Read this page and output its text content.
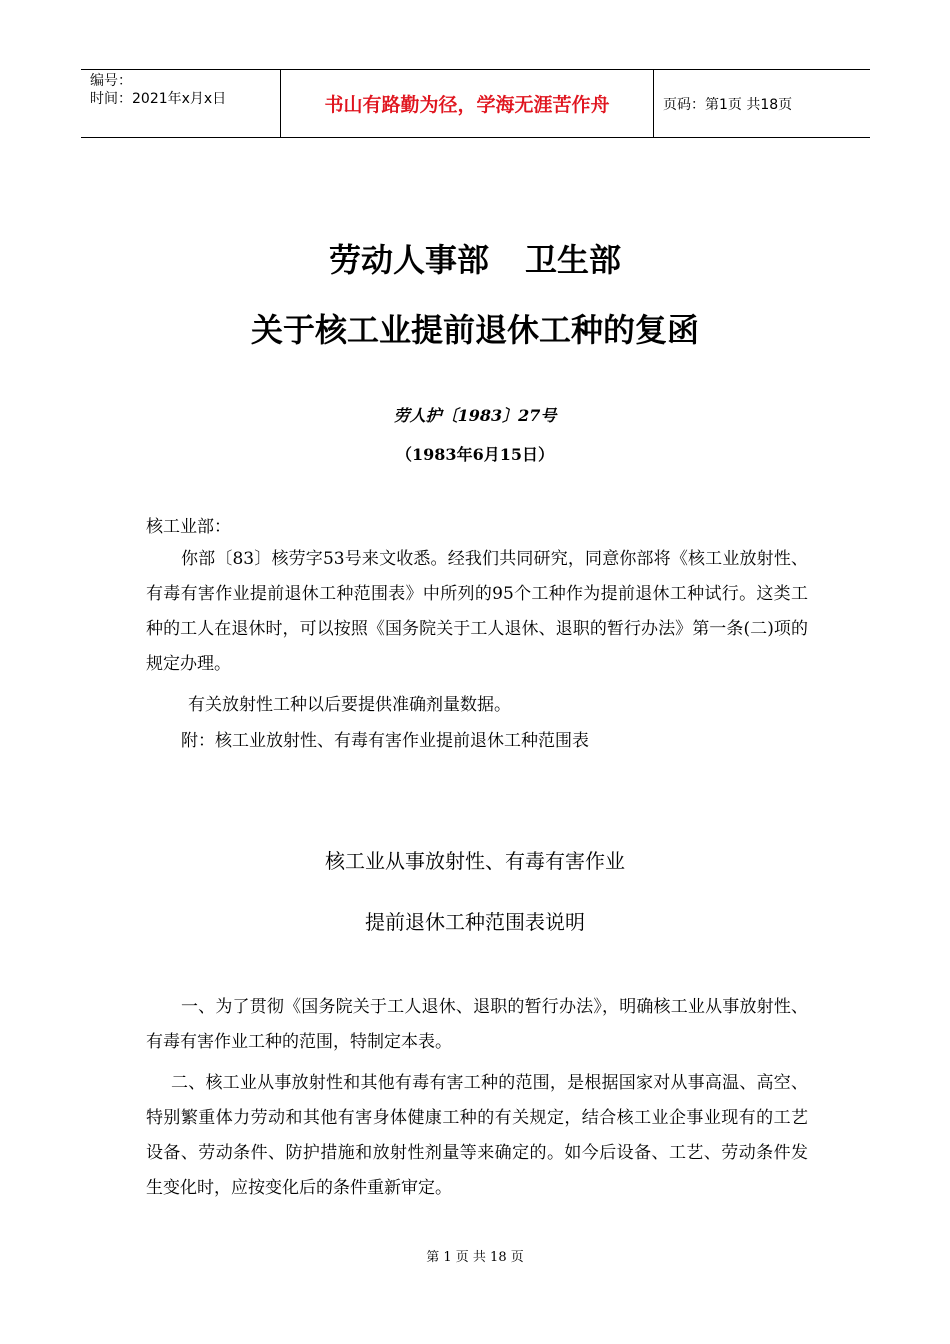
编号：
时间：2021年x月x日	书山有路勤为径，学海无涯苦作舟	页码：第1页 共18页
劳动人事部 卫生部
关于核工业提前退休工种的复函
劳人护〔1983〕27号
（1983年6月15日）
核工业部：
你部〔83〕核劳字53号来文收悉。经我们共同研究，同意你部将《核工业放射性、有毒有害作业提前退休工种范围表》中所列的95个工种作为提前退休工种试行。这类工种的工人在退休时，可以按照《国务院关于工人退休、退职的暂行办法》第一条(二)项的规定办理。
有关放射性工种以后要提供准确剂量数据。
附：核工业放射性、有毒有害作业提前退休工种范围表
核工业从事放射性、有毒有害作业
提前退休工种范围表说明
一、为了贯彻《国务院关于工人退休、退职的暂行办法》，明确核工业从事放射性、有毒有害作业工种的范围，特制定本表。
二、核工业从事放射性和其他有毒有害工种的范围，是根据国家对从事高温、高空、特别繁重体力劳动和其他有害身体健康工种的有关规定，结合核工业企事业现有的工艺设备、劳动条件、防护措施和放射性剂量等来确定的。如今后设备、工艺、劳动条件发生变化时，应按变化后的条件重新审定。
第 1 页 共 18 页
